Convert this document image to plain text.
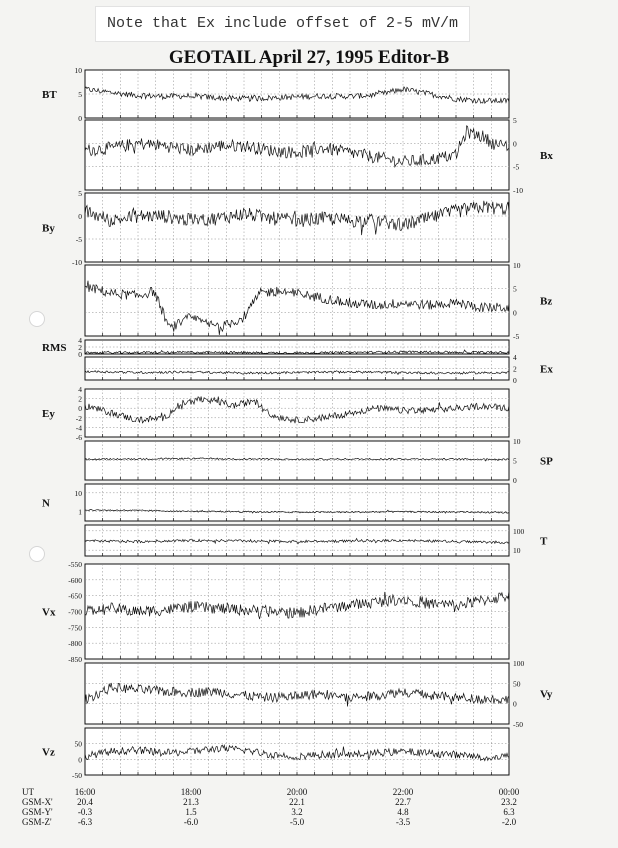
Note that Ex include offset of 2-5 mV/m
GEOTAIL April 27, 1995 Editor-B
0
5
10
BT
-10
-5
0
5
Bx
-10
-5
0
5
By
-5
0
5
10
Bz
0
2
4
RMS
0
2
4
Ex
-6
-4
-2
0
2
4
Ey
0
5
10
SP
1
10
N
10
100
T
-850
-800
-750
-700
-650
-600
-550
Vx
-50
0
50
100
Vy
-50
0
50
Vz
UT
GSM-X'
GSM-Y'
GSM-Z'
16:00
20.4
-0.3
-6.3
18:00
21.3
1.5
-6.0
20:00
22.1
3.2
-5.0
22:00
22.7
4.8
-3.5
00:00
23.2
6.3
-2.0
